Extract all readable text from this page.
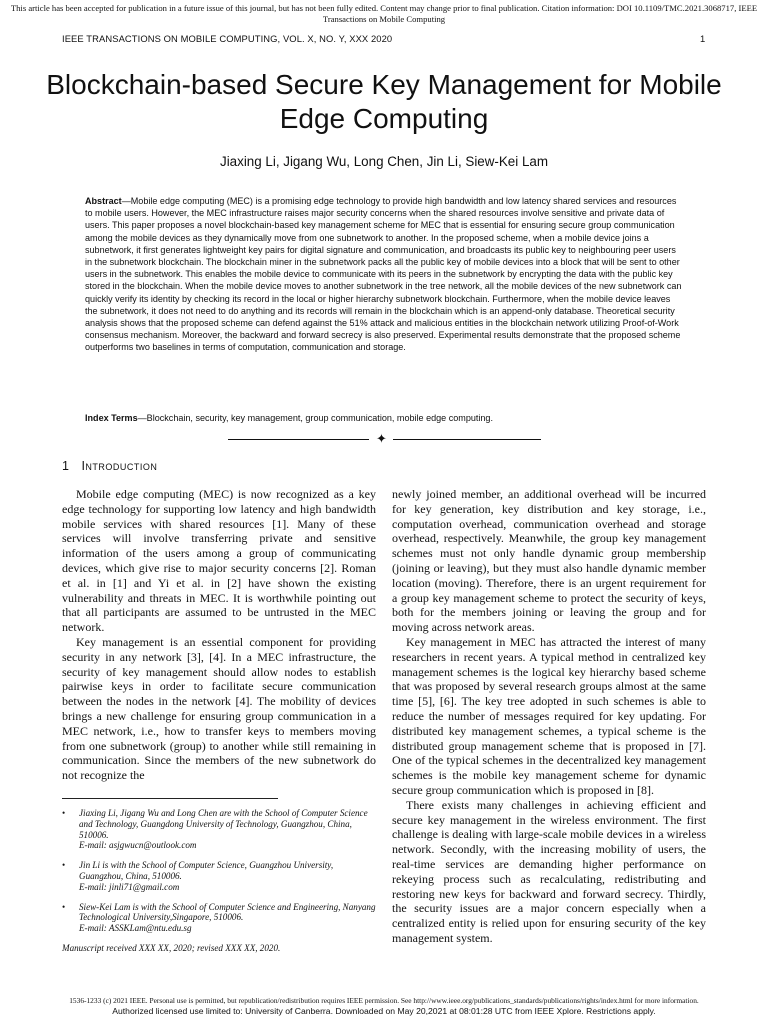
This article has been accepted for publication in a future issue of this journal, but has not been fully edited. Content may change prior to final publication. Citation information: DOI 10.1109/TMC.2021.3068717, IEEE Transactions on Mobile Computing
IEEE TRANSACTIONS ON MOBILE COMPUTING, VOL. X, NO. Y, XXX 2020	1
Blockchain-based Secure Key Management for Mobile Edge Computing
Jiaxing Li, Jigang Wu, Long Chen, Jin Li, Siew-Kei Lam
Abstract—Mobile edge computing (MEC) is a promising edge technology to provide high bandwidth and low latency shared services and resources to mobile users. However, the MEC infrastructure raises major security concerns when the shared resources involve sensitive and private data of users. This paper proposes a novel blockchain-based key management scheme for MEC that is essential for ensuring secure group communication among the mobile devices as they dynamically move from one subnetwork to another. In the proposed scheme, when a mobile device joins a subnetwork, it first generates lightweight key pairs for digital signature and communication, and broadcasts its public key to neighbouring peer users in the subnetwork blockchain. The blockchain miner in the subnetwork packs all the public key of mobile devices into a block that will be sent to other users in the subnetwork. This enables the mobile device to communicate with its peers in the subnetwork by encrypting the data with the public key stored in the blockchain. When the mobile device moves to another subnetwork in the tree network, all the mobile devices of the new subnetwork can quickly verify its identity by checking its record in the local or higher hierarchy subnetwork blockchain. Furthermore, when the mobile device leaves the subnetwork, it does not need to do anything and its records will remain in the blockchain which is an append-only database. Theoretical security analysis shows that the proposed scheme can defend against the 51% attack and malicious entities in the blockchain network utilizing Proof-of-Work consensus mechanism. Moreover, the backward and forward secrecy is also preserved. Experimental results demonstrate that the proposed scheme outperforms two baselines in terms of computation, communication and storage.
Index Terms—Blockchain, security, key management, group communication, mobile edge computing.
✦
1 Introduction

Mobile edge computing (MEC) is now recognized as a key edge technology for supporting low latency and high bandwidth mobile services with shared resources [1]. Many of these services will involve transferring private and sensitive information of the users among a group of communicating devices, which give rise to major security concerns [2]. Roman et al. in [1] and Yi et al. in [2] have shown the existing vulnerability and threats in MEC. It is worthwhile pointing out that all participants are assumed to be untrusted in the MEC network.

Key management is an essential component for providing security in any network [3], [4]. In a MEC infrastructure, the security of key management should allow nodes to establish pairwise keys in order to facilitate secure communication between the nodes in the network [4]. The mobility of devices brings a new challenge for ensuring group communication in a MEC network, i.e., how to transfer keys to members moving from one subnetwork (group) to another while still remaining in communication. Since the members of the new subnetwork do not recognize the

newly joined member, an additional overhead will be incurred for key generation, key distribution and key storage, i.e., computation overhead, communication overhead and storage overhead, respectively. Meanwhile, the group key management schemes must not only handle dynamic group membership (joining or leaving), but they must also handle dynamic member location (moving). Therefore, there is an urgent requirement for a group key management scheme to protect the security of keys, both for the members joining or leaving the group and for moving across network areas.

Key management in MEC has attracted the interest of many researchers in recent years. A typical method in centralized key management schemes is the logical key hierarchy based scheme that was proposed by several research groups almost at the same time [5], [6]. The key tree adopted in such schemes is able to reduce the number of messages required for key updating. For distributed key management schemes, a typical scheme is the distributed group management scheme that is proposed in [7]. One of the typical schemes in the decentralized key management schemes is the mobile key management scheme for dynamic secure group communication which is proposed in [8].

There exists many challenges in achieving efficient and secure key management in the wireless environment. The first challenge is dealing with large-scale mobile devices in a wireless network. Secondly, with the increasing mobility of users, the real-time services are demanding higher performance on rekeying process such as recalculating, redistributing and restoring new keys for backward and forward secrecy. Thirdly, the security issues are a major concern especially when a centralized entity is relied upon for ensuring security of the key management system.

• Jiaxing Li, Jigang Wu and Long Chen are with the School of Computer Science and Technology, Guangdong University of Technology, Guangzhou, China, 510006.
E-mail: asjgwucn@outlook.com
• Jin Li is with the School of Computer Science, Guangzhou University, Guangzhou, China, 510006.
E-mail: jinli71@gmail.com
• Siew-Kei Lam is with the School of Computer Science and Engineering, Nanyang Technological University,Singapore, 510006.
E-mail: ASSKLam@ntu.edu.sg
Manuscript received XXX XX, 2020; revised XXX XX, 2020.
1536-1233 (c) 2021 IEEE. Personal use is permitted, but republication/redistribution requires IEEE permission. See http://www.ieee.org/publications_standards/publications/rights/index.html for more information.
Authorized licensed use limited to: University of Canberra. Downloaded on May 20,2021 at 08:01:28 UTC from IEEE Xplore. Restrictions apply.
